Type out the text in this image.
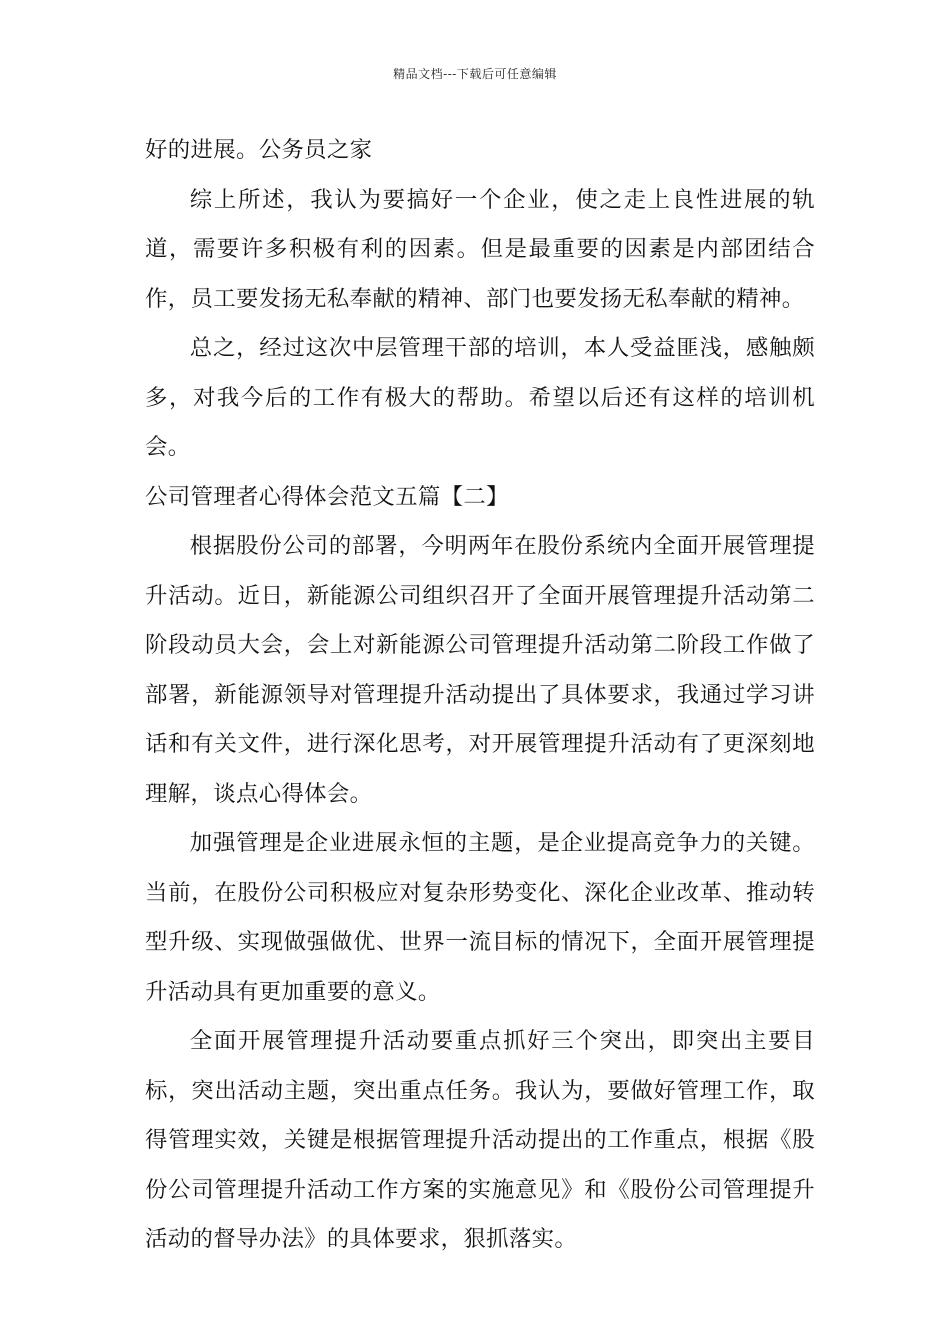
精品文档---下载后可任意编辑

好的进展。公务员之家

综上所述，我认为要搞好一个企业，使之走上良性进展的轨道，需要许多积极有利的因素。但是最重要的因素是内部团结合作，员工要发扬无私奉献的精神、部门也要发扬无私奉献的精神。

总之，经过这次中层管理干部的培训，本人受益匪浅，感触颇多，对我今后的工作有极大的帮助。希望以后还有这样的培训机会。

公司管理者心得体会范文五篇【二】

根据股份公司的部署，今明两年在股份系统内全面开展管理提升活动。近日，新能源公司组织召开了全面开展管理提升活动第二阶段动员大会，会上对新能源公司管理提升活动第二阶段工作做了部署，新能源领导对管理提升活动提出了具体要求，我通过学习讲话和有关文件，进行深化思考，对开展管理提升活动有了更深刻地理解，谈点心得体会。

加强管理是企业进展永恒的主题，是企业提高竞争力的关键。当前，在股份公司积极应对复杂形势变化、深化企业改革、推动转型升级、实现做强做优、世界一流目标的情况下，全面开展管理提升活动具有更加重要的意义。

全面开展管理提升活动要重点抓好三个突出，即突出主要目标，突出活动主题，突出重点任务。我认为，要做好管理工作，取得管理实效，关键是根据管理提升活动提出的工作重点，根据《股份公司管理提升活动工作方案的实施意见》和《股份公司管理提升活动的督导办法》的具体要求，狠抓落实。
